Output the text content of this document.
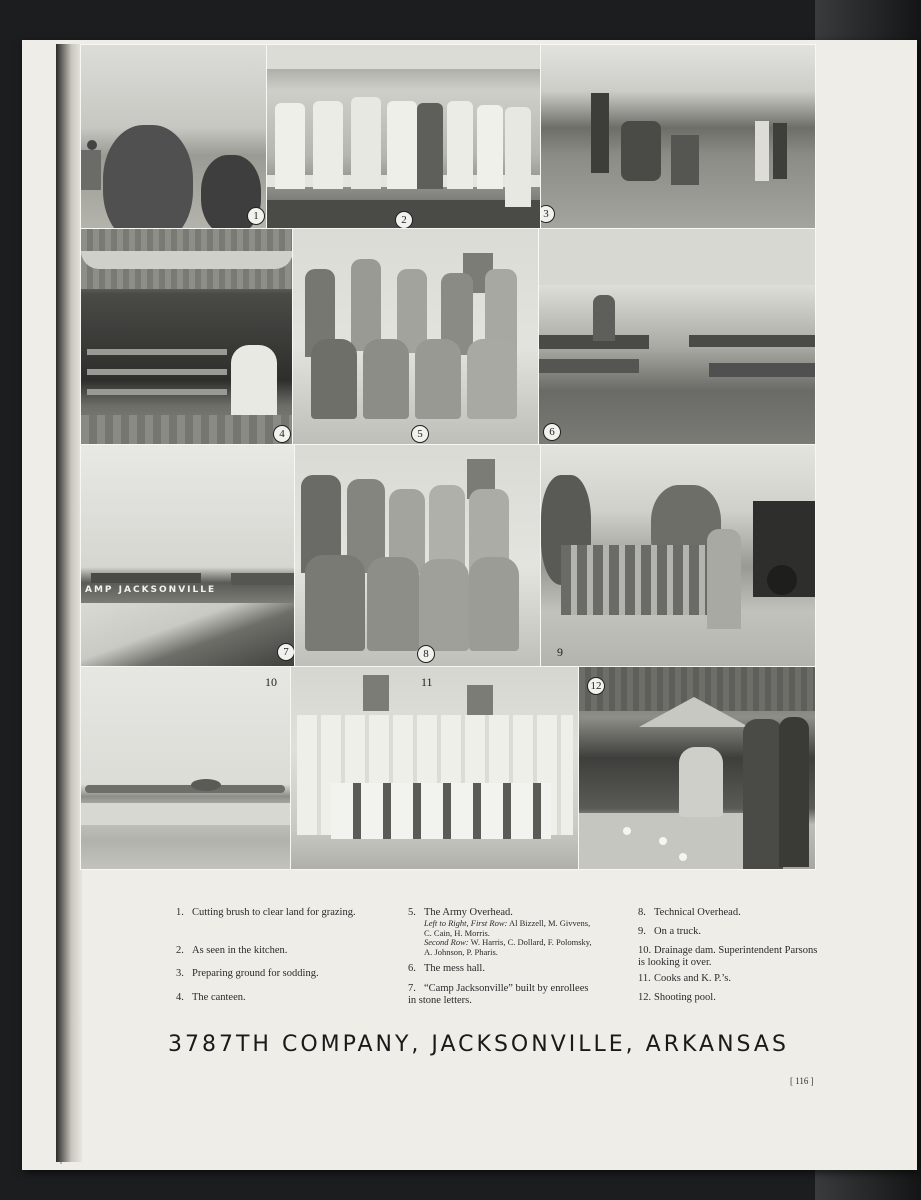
1	2	3
4	5	6
AMP JACKSONVILLE
7	8	9
10	11	12
1. Cutting brush to clear land for grazing.
2. As seen in the kitchen.
3. Preparing ground for sodding.
4. The canteen.
5. The Army Overhead.
Left to Right, First Row: Al Bizzell, M. Givvens, C. Cain, H. Morris.
Second Row: W. Harris, C. Dollard, F. Polomsky, A. Johnson, P. Pharis.
6. The mess hall.
7. “Camp Jacksonville” built by enrollees in stone letters.
8. Technical Overhead.
9. On a truck.
10. Drainage dam. Superintendent Parsons is looking it over.
11. Cooks and K. P.’s.
12. Shooting pool.
3787TH COMPANY, JACKSONVILLE, ARKANSAS
[ 116 ]
